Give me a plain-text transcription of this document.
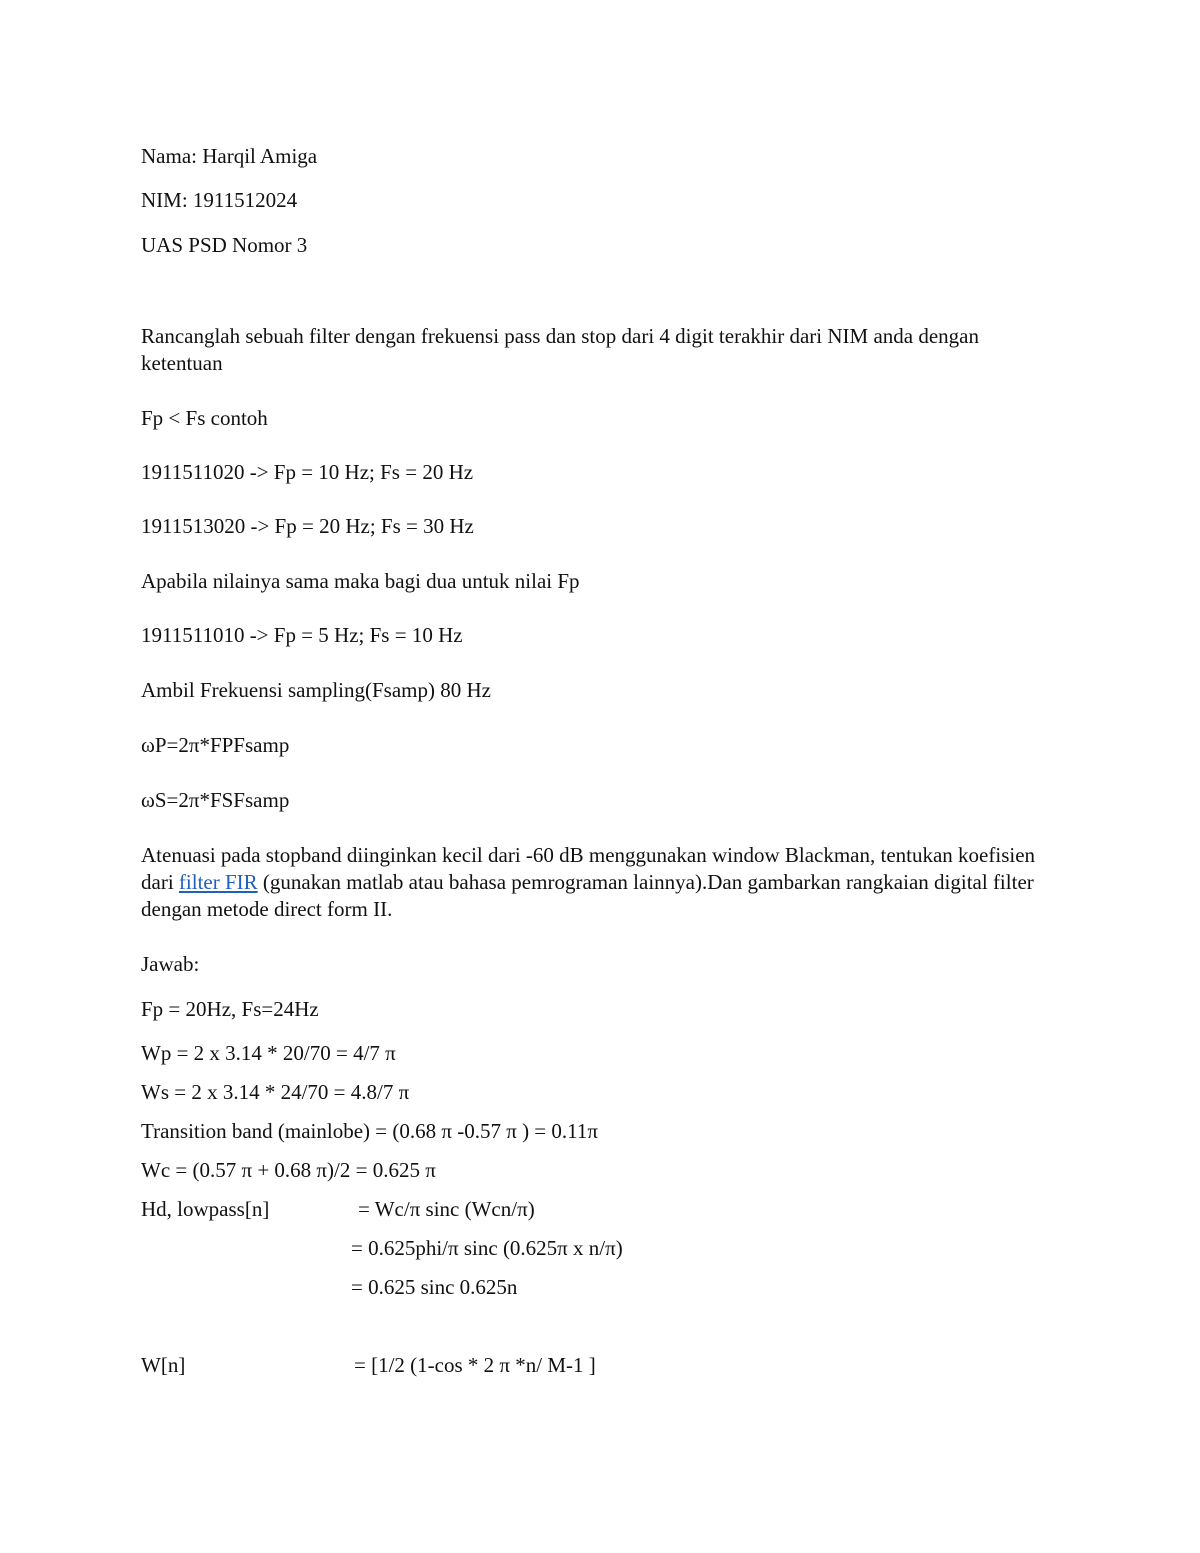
Nama: Harqil Amiga
NIM: 1911512024
UAS PSD Nomor 3
Rancanglah sebuah filter dengan frekuensi pass dan stop dari 4 digit terakhir dari NIM anda dengan ketentuan
Fp < Fs contoh
1911511020 -> Fp = 10 Hz; Fs = 20 Hz
1911513020 -> Fp = 20 Hz; Fs = 30 Hz
Apabila nilainya sama maka bagi dua untuk nilai Fp
1911511010 -> Fp = 5 Hz; Fs = 10 Hz
Ambil Frekuensi sampling(Fsamp) 80 Hz
ωP=2π*FPFsamp
ωS=2π*FSFsamp
Atenuasi pada stopband diinginkan kecil dari -60 dB menggunakan window Blackman, tentukan koefisien dari filter FIR (gunakan matlab atau bahasa pemrograman lainnya).Dan gambarkan rangkaian digital filter dengan metode direct form II.
Jawab:
Fp = 20Hz, Fs=24Hz
Wp = 2 x 3.14 * 20/70 = 4/7 π
Ws = 2 x 3.14 * 24/70 = 4.8/7 π
Transition band (mainlobe) = (0.68 π -0.57 π ) = 0.11π
Wc = (0.57 π + 0.68 π)/2 = 0.625 π
Hd, lowpass[n]	= Wc/π sinc (Wcn/π)
= 0.625phi/π sinc (0.625π x n/π)
= 0.625 sinc 0.625n
W[n]	= [1/2 (1-cos * 2 π *n/ M-1 ]
